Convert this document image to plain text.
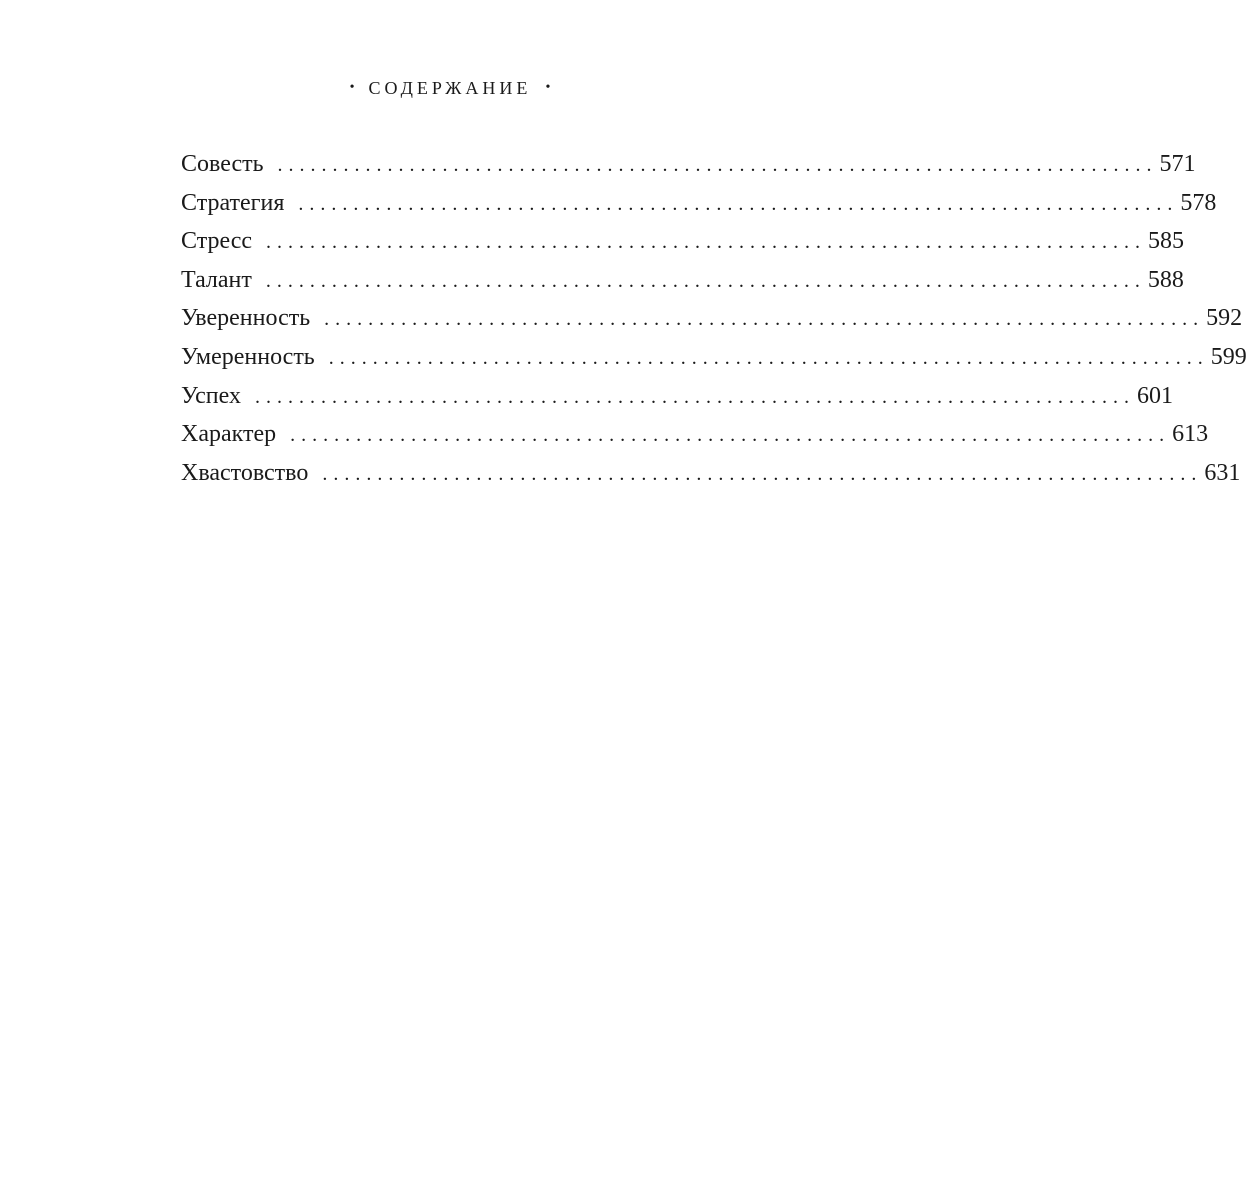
• СОДЕРЖАНИЕ •
Совесть ................................................................................ 571
Стратегия ................................................................................ 578
Стресс ................................................................................ 585
Талант ................................................................................ 588
Уверенность ................................................................................ 592
Умеренность ................................................................................ 599
Успех ................................................................................ 601
Характер ................................................................................ 613
Хвастовство ................................................................................ 631
